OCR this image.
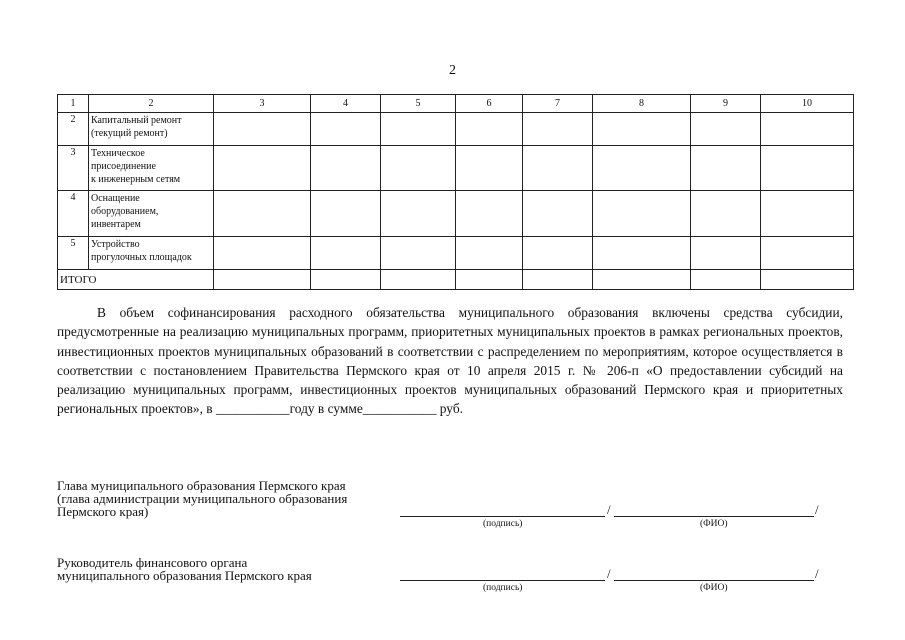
2
1	2	3	4	5	6	7	8	9	10
2	Капитальный ремонт
(текущий ремонт)								
3	Техническое
присоединение
к инженерным сетям								
4	Оснащение
оборудованием,
инвентарем								
5	Устройство
прогулочных площадок								
ИТОГО									
В объем софинансирования расходного обязательства муниципального образования включены средства субсидии, предусмотренные на реализацию муниципальных программ, приоритетных муниципальных проектов в рамках региональных проектов, инвестиционных проектов муниципальных образований в соответствии с распределением по мероприятиям, которое осуществляется в соответствии с постановлением Правительства Пермского края от 10 апреля 2015 г. № 206-п «О предоставлении субсидий на реализацию муниципальных программ, инвестиционных проектов муниципальных образований Пермского края и приоритетных региональных проектов», в ___________году в сумме___________ руб.
Глава муниципального образования Пермского края
(глава администрации муниципального образования
Пермского края)	/	/
(подпись)	(ФИО)
Руководитель финансового органа
муниципального образования Пермского края	/	/
(подпись)	(ФИО)
